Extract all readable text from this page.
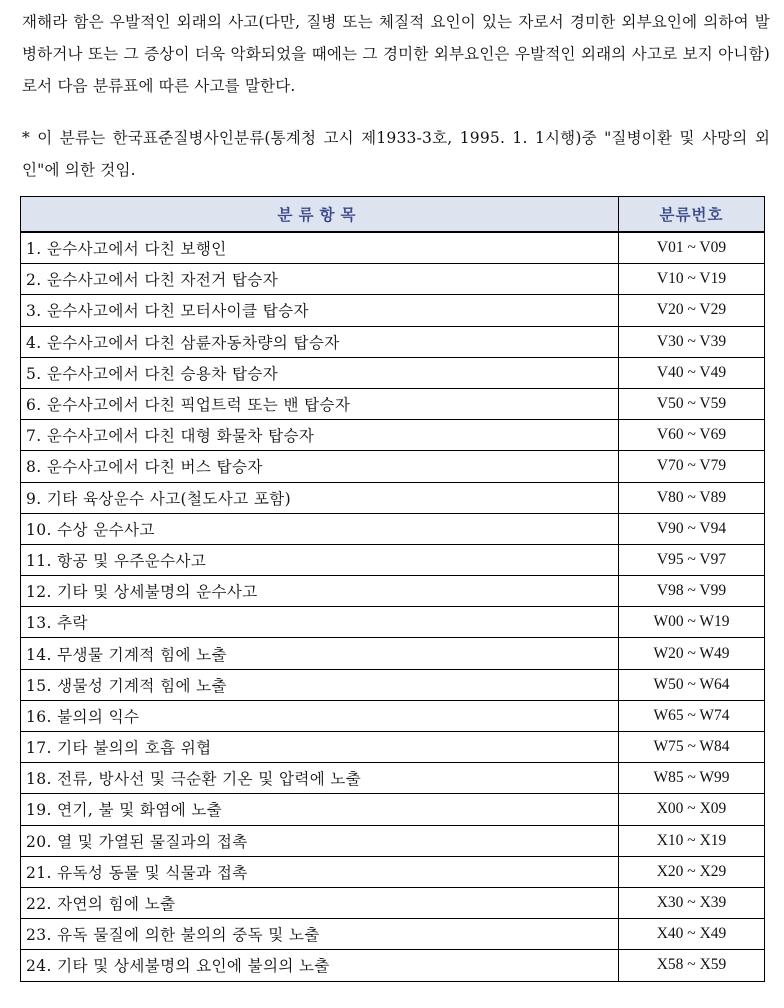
재해라 함은 우발적인 외래의 사고(다만, 질병 또는 체질적 요인이 있는 자로서 경미한 외부요인에 의하여 발병하거나 또는 그 증상이 더욱 악화되었을 때에는 그 경미한 외부요인은 우발적인 외래의 사고로 보지 아니함)로서 다음 분류표에 따른 사고를 말한다.

* 이 분류는 한국표준질병사인분류(통계청 고시 제1933-3호, 1995. 1. 1시행)중 "질병이환 및 사망의 외인"에 의한 것임.

분류항목	분류번호
1. 운수사고에서 다친 보행인	V01 ~ V09
2. 운수사고에서 다친 자전거 탑승자	V10 ~ V19
3. 운수사고에서 다친 모터사이클 탑승자	V20 ~ V29
4. 운수사고에서 다친 삼륜자동차량의 탑승자	V30 ~ V39
5. 운수사고에서 다친 승용차 탑승자	V40 ~ V49
6. 운수사고에서 다친 픽업트럭 또는 밴 탑승자	V50 ~ V59
7. 운수사고에서 다친 대형 화물차 탑승자	V60 ~ V69
8. 운수사고에서 다친 버스 탑승자	V70 ~ V79
9. 기타 육상운수 사고(철도사고 포함)	V80 ~ V89
10. 수상 운수사고	V90 ~ V94
11. 항공 및 우주운수사고	V95 ~ V97
12. 기타 및 상세불명의 운수사고	V98 ~ V99
13. 추락	W00 ~ W19
14. 무생물 기계적 힘에 노출	W20 ~ W49
15. 생물성 기계적 힘에 노출	W50 ~ W64
16. 불의의 익수	W65 ~ W74
17. 기타 불의의 호흡 위협	W75 ~ W84
18. 전류, 방사선 및 극순환 기온 및 압력에 노출	W85 ~ W99
19. 연기, 불 및 화염에 노출	X00 ~ X09
20. 열 및 가열된 물질과의 접촉	X10 ~ X19
21. 유독성 동물 및 식물과 접촉	X20 ~ X29
22. 자연의 힘에 노출	X30 ~ X39
23. 유독 물질에 의한 불의의 중독 및 노출	X40 ~ X49
24. 기타 및 상세불명의 요인에 불의의 노출	X58 ~ X59
